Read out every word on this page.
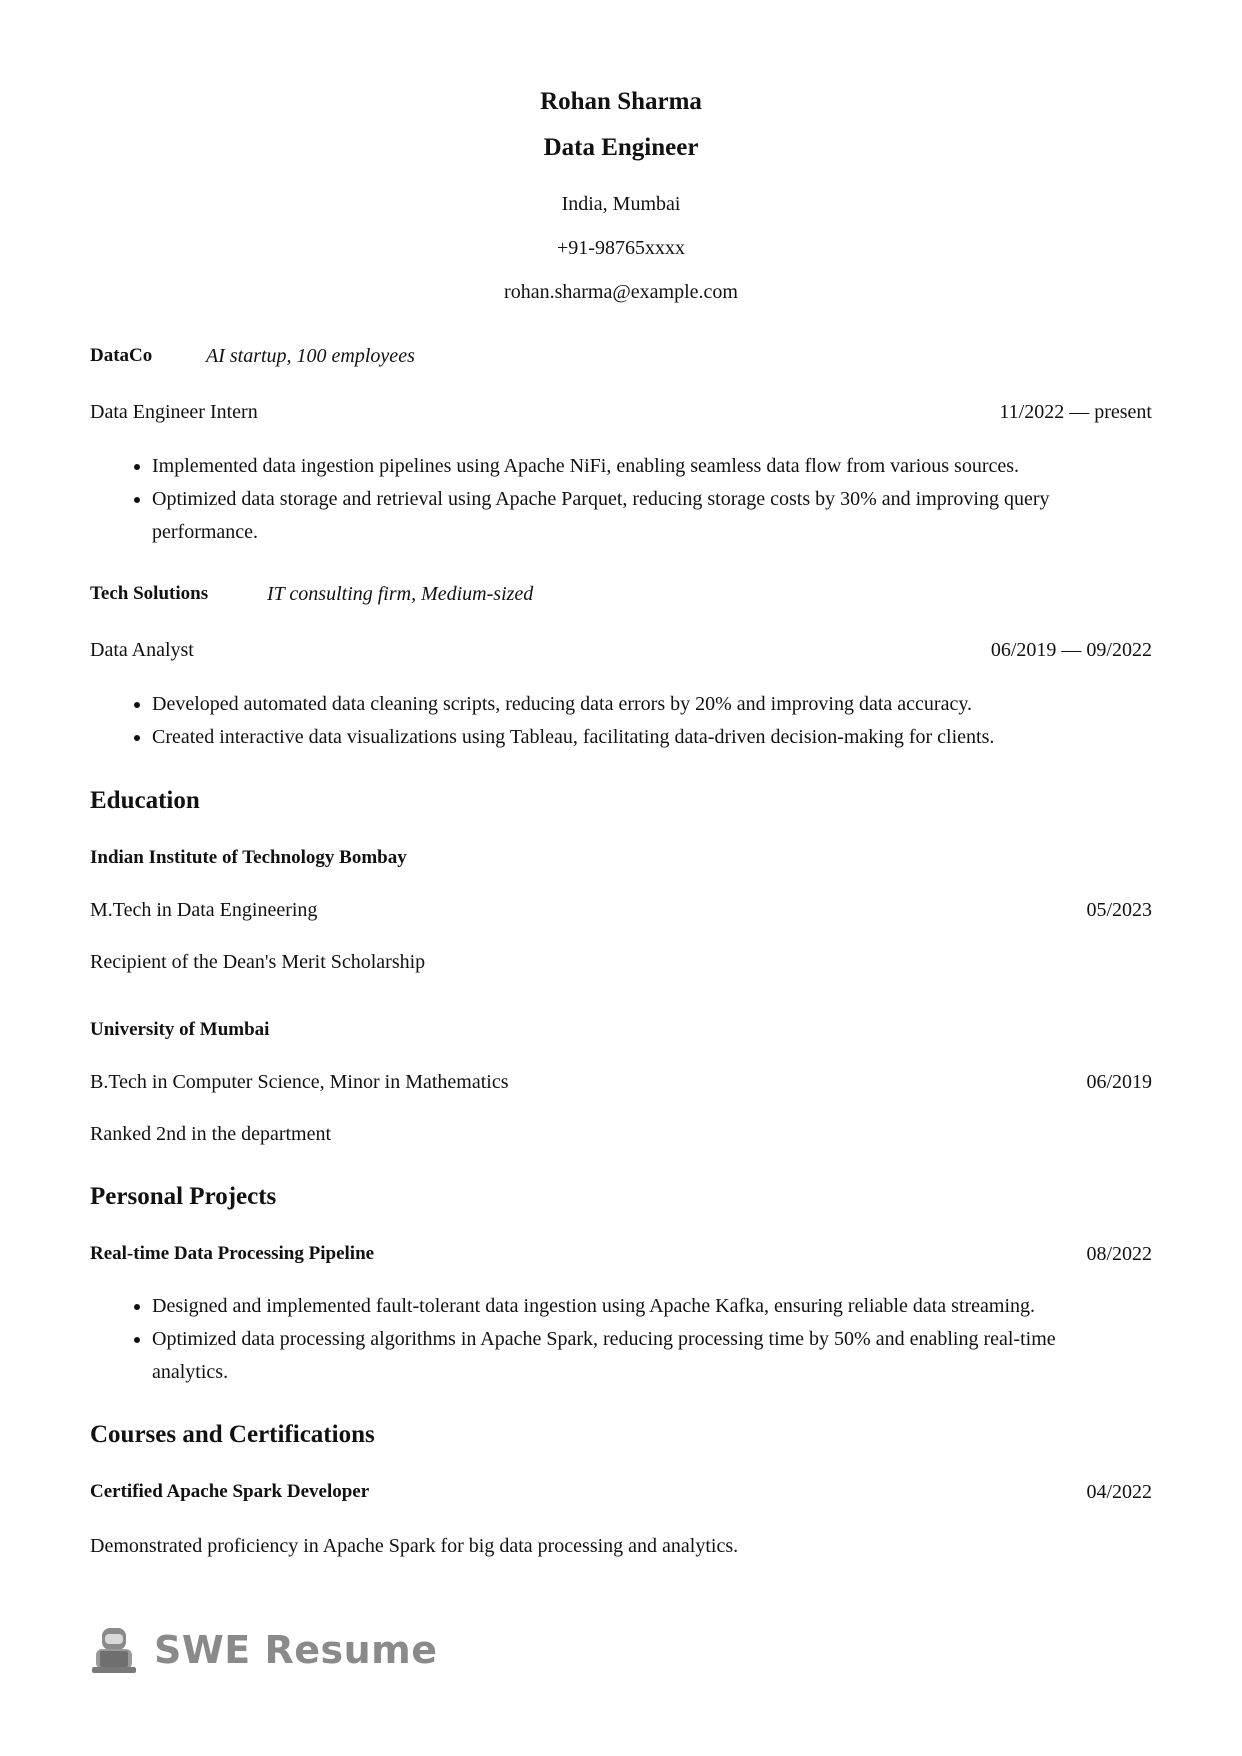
Rohan Sharma
Data Engineer
India, Mumbai
+91-98765xxxx
rohan.sharma@example.com
DataCo	AI startup, 100 employees
Data Engineer Intern	11/2022 — present
• Implemented data ingestion pipelines using Apache NiFi, enabling seamless data flow from various sources.
• Optimized data storage and retrieval using Apache Parquet, reducing storage costs by 30% and improving query performance.
Tech Solutions	IT consulting firm, Medium-sized
Data Analyst	06/2019 — 09/2022
• Developed automated data cleaning scripts, reducing data errors by 20% and improving data accuracy.
• Created interactive data visualizations using Tableau, facilitating data-driven decision-making for clients.
Education
Indian Institute of Technology Bombay
M.Tech in Data Engineering	05/2023
Recipient of the Dean's Merit Scholarship
University of Mumbai
B.Tech in Computer Science, Minor in Mathematics	06/2019
Ranked 2nd in the department
Personal Projects
Real-time Data Processing Pipeline	08/2022
• Designed and implemented fault-tolerant data ingestion using Apache Kafka, ensuring reliable data streaming.
• Optimized data processing algorithms in Apache Spark, reducing processing time by 50% and enabling real-time analytics.
Courses and Certifications
Certified Apache Spark Developer	04/2022
Demonstrated proficiency in Apache Spark for big data processing and analytics.
SWE Resume
